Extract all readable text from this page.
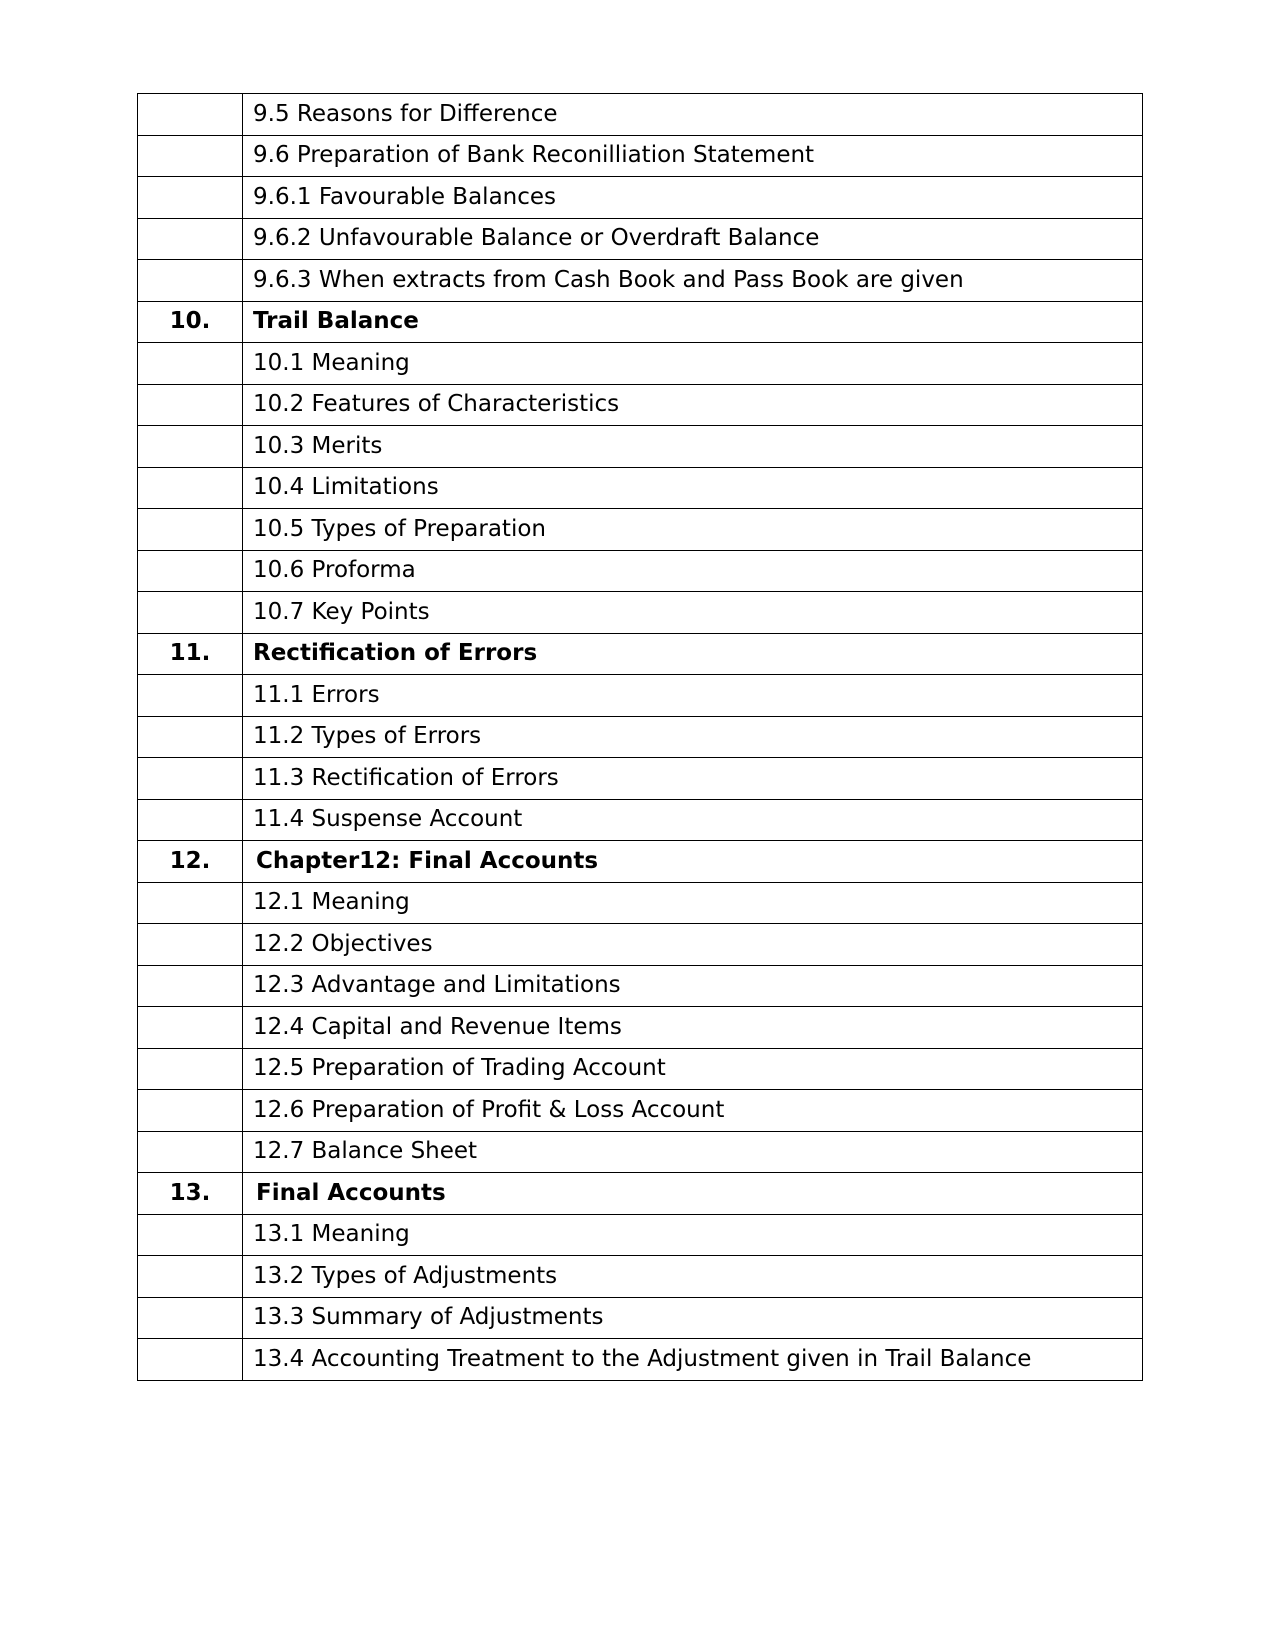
	9.5 Reasons for Difference
	9.6 Preparation of Bank Reconilliation Statement
	9.6.1 Favourable Balances
	9.6.2 Unfavourable Balance or Overdraft Balance
	9.6.3 When extracts from Cash Book and Pass Book are given
10.	Trail Balance
	10.1 Meaning
	10.2 Features of Characteristics
	10.3 Merits
	10.4 Limitations
	10.5 Types of Preparation
	10.6 Proforma
	10.7 Key Points
11.	Rectification of Errors
	11.1 Errors
	11.2 Types of Errors
	11.3 Rectification of Errors
	11.4 Suspense Account
12.	Chapter12: Final Accounts
	12.1 Meaning
	12.2 Objectives
	12.3 Advantage and Limitations
	12.4 Capital and Revenue Items
	12.5 Preparation of Trading Account
	12.6 Preparation of Profit & Loss Account
	12.7 Balance Sheet
13.	Final Accounts
	13.1 Meaning
	13.2 Types of Adjustments
	13.3 Summary of Adjustments
	13.4 Accounting Treatment to the Adjustment given in Trail Balance
